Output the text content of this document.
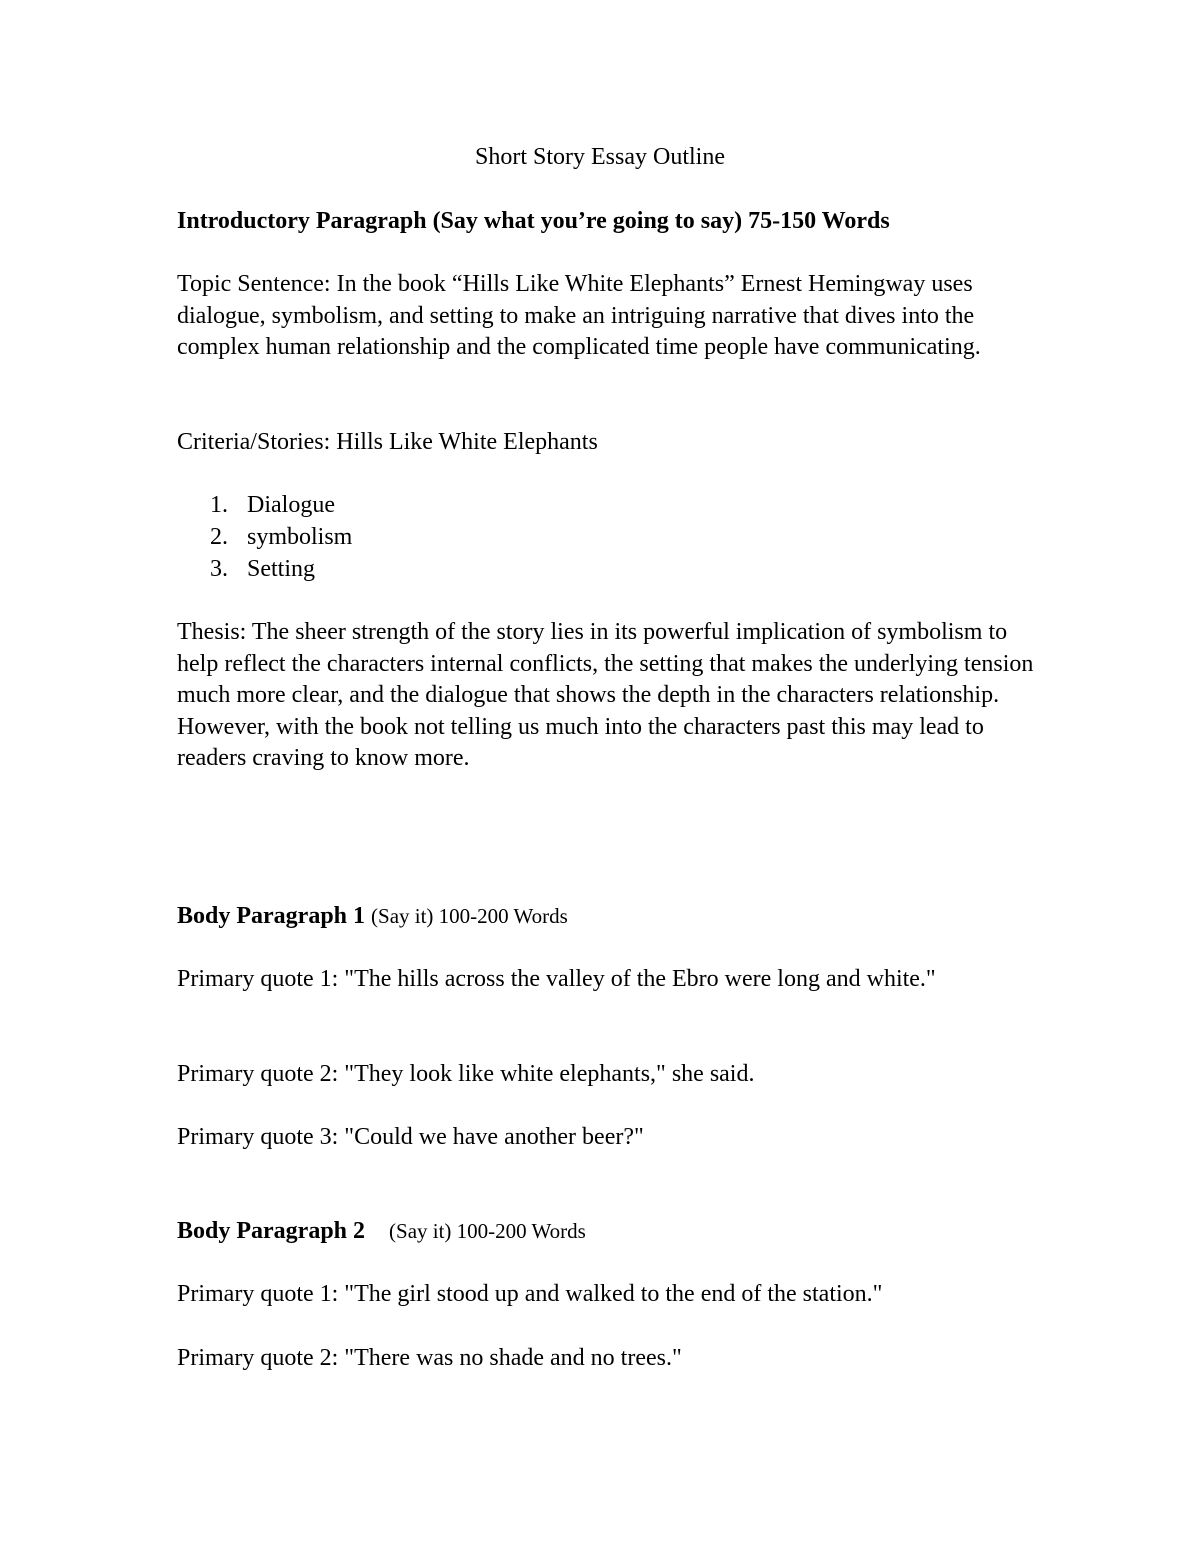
Short Story Essay Outline

Introductory Paragraph (Say what you’re going to say) 75-150 Words

Topic Sentence: In the book “Hills Like White Elephants” Ernest Hemingway uses dialogue, symbolism, and setting to make an intriguing narrative that dives into the complex human relationship and the complicated time people have communicating.

Criteria/Stories: Hills Like White Elephants

1. Dialogue
2. symbolism
3. Setting

Thesis: The sheer strength of the story lies in its powerful implication of symbolism to help reflect the characters internal conflicts, the setting that makes the underlying tension much more clear, and the dialogue that shows the depth in the characters relationship. However, with the book not telling us much into the characters past this may lead to readers craving to know more.

Body Paragraph 1 (Say it) 100-200 Words

Primary quote 1: "The hills across the valley of the Ebro were long and white."

Primary quote 2: "They look like white elephants," she said.

Primary quote 3: "Could we have another beer?"

Body Paragraph 2 (Say it) 100-200 Words

Primary quote 1: "The girl stood up and walked to the end of the station."

Primary quote 2: "There was no shade and no trees."
